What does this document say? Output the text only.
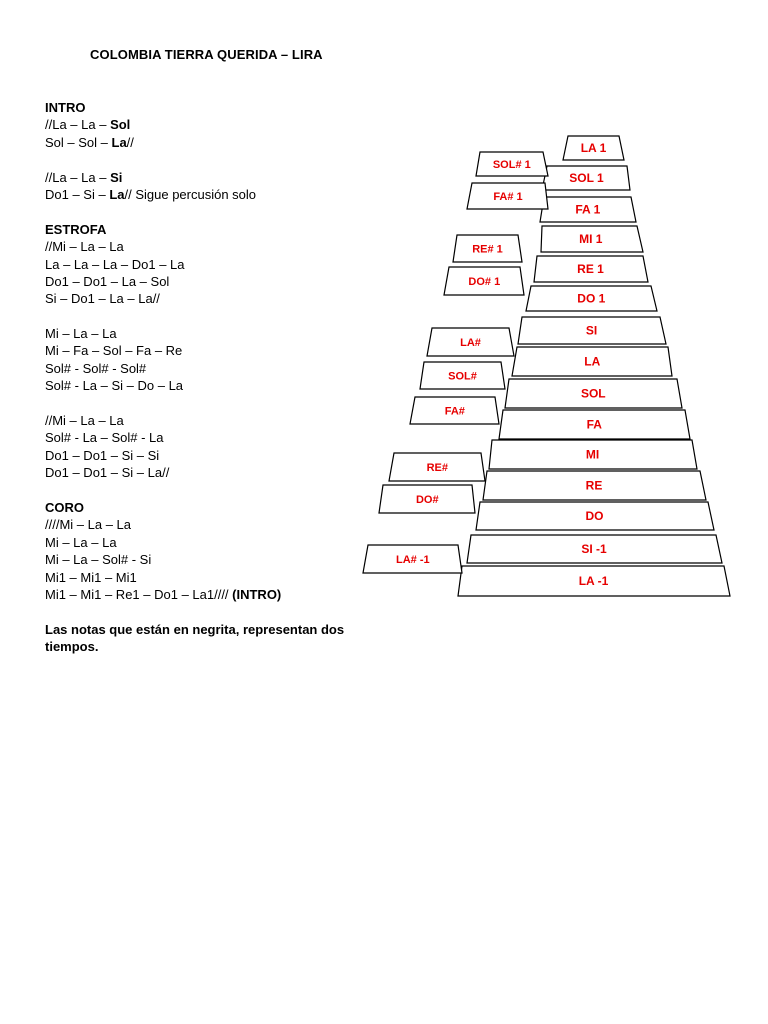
COLOMBIA TIERRA QUERIDA – LIRA
INTRO
//La – La – Sol
Sol – Sol – La//
//La – La – Si
Do1 – Si – La// Sigue percusión solo
ESTROFA
//Mi – La – La
La – La – La – Do1 – La
Do1 – Do1 – La – Sol
Si – Do1 – La – La//
Mi – La – La
Mi – Fa – Sol – Fa – Re
Sol# - Sol# - Sol#
Sol# - La – Si – Do – La
//Mi – La – La
Sol# - La – Sol# - La
Do1 – Do1 – Si – Si
Do1 – Do1 – Si – La//
CORO
////Mi – La – La
Mi – La – La
Mi – La – Sol# - Si
Mi1 – Mi1 – Mi1
Mi1 – Mi1 – Re1 – Do1 – La1//// (INTRO)
Las notas que están en negrita, representan dos tiempos.
LA 1
SOL 1
FA 1
MI 1
RE 1
DO 1
SI
LA
SOL
FA
MI
RE
DO
SI -1
LA -1
SOL# 1
FA# 1
RE# 1
DO# 1
LA#
SOL#
FA#
RE#
DO#
LA# -1
